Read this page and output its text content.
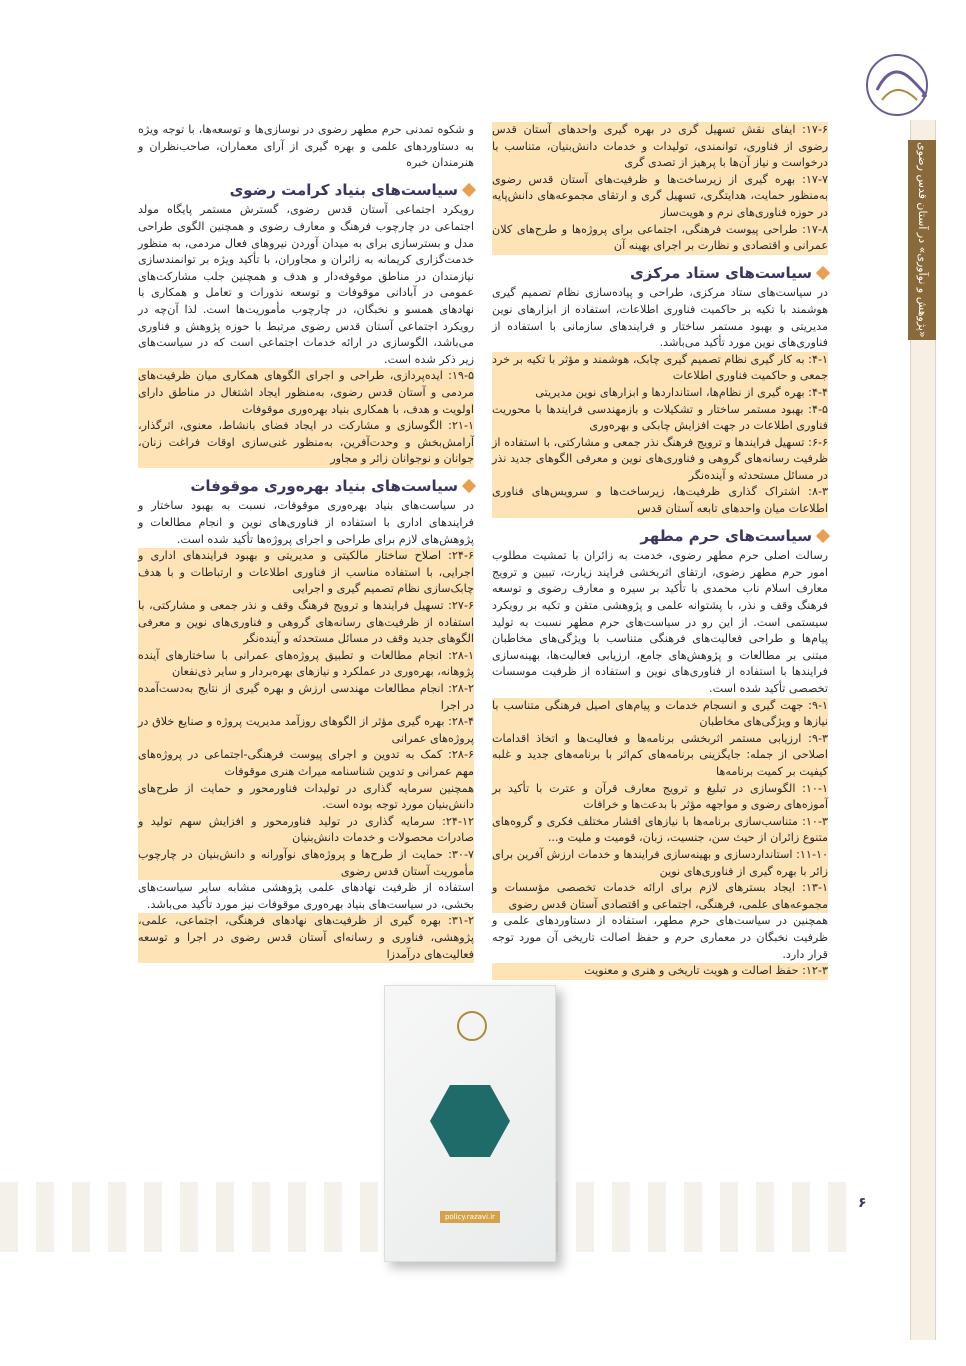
«پژوهش و نوآوری» در آستان قدس رضوی
۶

۱۷-۶: ایفای نقش تسهیل گری در بهره گیری واحدهای آستان قدس رضوی از فناوری، توانمندی، تولیدات و خدمات دانش‌بنیان، متناسب با درخواست و نیاز آن‌ها با پرهیز از تصدی گری

۱۷-۷: بهره گیری از زیرساخت‌ها و ظرفیت‌های آستان قدس رضوی به‌منظور حمایت، هدایتگری، تسهیل گری و ارتقای مجموعه‌های دانش‌پایه در حوزه فناوری‌های نرم و هویت‌ساز

۱۷-۸: طراحی پیوست فرهنگی، اجتماعی برای پروژه‌ها و طرح‌های کلان عمرانی و اقتصادی و نظارت بر اجرای بهینه آن

سیاست‌های ستاد مرکزی

در سیاست‌های ستاد مرکزی، طراحی و پیاده‌سازی نظام تصمیم گیری هوشمند با تکیه بر حاکمیت فناوری اطلاعات، استفاده از ابزارهای نوین مدیریتی و بهبود مستمر ساختار و فرایندهای سازمانی با استفاده از فناوری‌های نوین مورد تأکید می‌باشد.

۴-۱: به کار گیری نظام تصمیم گیری چابک، هوشمند و مؤثر با تکیه بر خرد جمعی و حاکمیت فناوری اطلاعات

۴-۴: بهره گیری از نظام‌ها، استانداردها و ابزارهای نوین مدیریتی

۴-۵: بهبود مستمر ساختار و تشکیلات و بازمهندسی فرایندها با محوریت فناوری اطلاعات در جهت افزایش چابکی و بهره‌وری

۶-۶: تسهیل فرایندها و ترویج فرهنگ نذر جمعی و مشارکتی، با استفاده از ظرفیت رسانه‌های گروهی و فناوری‌های نوین و معرفی الگوهای جدید نذر در مسائل مستحدثه و آینده‌نگر

۸-۳: اشتراک گذاری ظرفیت‌ها، زیرساخت‌ها و سرویس‌های فناوری اطلاعات میان واحدهای تابعه آستان قدس

سیاست‌های حرم مطهر

رسالت اصلی حرم مطهر رضوی، خدمت به زائران با تمشیت مطلوب امور حرم مطهر رضوی، ارتقای اثربخشی فرایند زیارت، تبیین و ترویج معارف اسلام ناب محمدی با تأکید بر سیره و معارف رضوی و توسعه فرهنگ وقف و نذر، با پشتوانه علمی و پژوهشی متقن و تکیه بر رویکرد سیستمی است. از این رو در سیاست‌های حرم مطهر نسبت به تولید پیام‌ها و طراحی فعالیت‌های فرهنگی متناسب با ویژگی‌های مخاطبان مبتنی بر مطالعات و پژوهش‌های جامع، ارزیابی فعالیت‌ها، بهینه‌سازی فرایندها با استفاده از فناوری‌های نوین و استفاده از ظرفیت موسسات تخصصی تأکید شده است.

۹-۱: جهت گیری و انسجام خدمات و پیام‌های اصیل فرهنگی متناسب با نیازها و ویژگی‌های مخاطبان

۹-۳: ارزیابی مستمر اثربخشی برنامه‌ها و فعالیت‌ها و اتخاذ اقدامات اصلاحی از جمله: جایگزینی برنامه‌های کم‌اثر با برنامه‌های جدید و غلبه کیفیت بر کمیت برنامه‌ها

۱۰-۱: الگوسازی در تبلیغ و ترویج معارف قرآن و عترت با تأکید بر آموزه‌های رضوی و مواجهه مؤثر با بدعت‌ها و خرافات

۱۰-۳: متناسب‌سازی برنامه‌ها با نیازهای اقشار مختلف فکری و گروه‌های متنوع زائران از حیث سن، جنسیت، زبان، قومیت و ملیت و...

۱۱-۱۰: استانداردسازی و بهینه‌سازی فرایندها و خدمات ارزش آفرین برای زائر با بهره گیری از فناوری‌های نوین

۱۳-۱: ایجاد بسترهای لازم برای ارائه خدمات تخصصی مؤسسات و مجموعه‌های علمی، فرهنگی، اجتماعی و اقتصادی آستان قدس رضوی

همچنین در سیاست‌های حرم مطهر، استفاده از دستاوردهای علمی و ظرفیت نخبگان در معماری حرم و حفظ اصالت تاریخی آن مورد توجه قرار دارد.

۱۲-۳: حفظ اصالت و هویت تاریخی و هنری و معنویت

و شکوه تمدنی حرم مطهر رضوی در نوسازی‌ها و توسعه‌ها، با توجه ویژه به دستاوردهای علمی و بهره گیری از آرای معماران، صاحب‌نظران و هنرمندان خبره

سیاست‌های بنیاد کرامت رضوی

رویکرد اجتماعی آستان قدس رضوی، گسترش مستمر پایگاه مولد اجتماعی در چارچوب فرهنگ و معارف رضوی و همچنین الگوی طراحی مدل و بسترسازی برای به میدان آوردن نیروهای فعال مردمی، به منظور خدمت‌گزاری کریمانه به زائران و مجاوران، با تأکید ویژه بر توانمندسازی نیازمندان در مناطق موقوفه‌دار و هدف و همچنین جلب مشارکت‌های عمومی در آبادانی موقوفات و توسعه نذورات و تعامل و همکاری با نهادهای همسو و نخبگان، در چارچوب مأموریت‌ها است. لذا آن‌چه در رویکرد اجتماعی آستان قدس رضوی مرتبط با حوزه پژوهش و فناوری می‌باشد، الگوسازی در ارائه خدمات اجتماعی است که در سیاست‌های زیر ذکر شده است.

۱۹-۵: ایده‌پردازی، طراحی و اجرای الگوهای همکاری میان ظرفیت‌های مردمی و آستان قدس رضوی، به‌منظور ایجاد اشتغال در مناطق دارای اولویت و هدف، با همکاری بنیاد بهره‌وری موقوفات

۲۱-۱: الگوسازی و مشارکت در ایجاد فضای بانشاط، معنوی، اثرگذار، آرامش‌بخش و وحدت‌آفرین، به‌منظور غنی‌سازی اوقات فراغت زنان، جوانان و نوجوانان زائر و مجاور

سیاست‌های بنیاد بهره‌وری موقوفات

در سیاست‌های بنیاد بهره‌وری موقوفات، نسبت به بهبود ساختار و فرایندهای اداری با استفاده از فناوری‌های نوین و انجام مطالعات و پژوهش‌های لازم برای طراحی و اجرای پروژه‌ها تأکید شده است.

۲۴-۶: اصلاح ساختار مالکیتی و مدیریتی و بهبود فرایندهای اداری و اجرایی، با استفاده مناسب از فناوری اطلاعات و ارتباطات و با هدف چابک‌سازی نظام تصمیم گیری و اجرایی

۲۷-۶: تسهیل فرایندها و ترویج فرهنگ وقف و نذر جمعی و مشارکتی، با استفاده از ظرفیت‌های رسانه‌های گروهی و فناوری‌های نوین و معرفی الگوهای جدید وقف در مسائل مستحدثه و آینده‌نگر

۲۸-۱: انجام مطالعات و تطبیق پروژه‌های عمرانی با ساختارهای آینده پژوهانه، بهره‌وری در عملکرد و نیازهای بهره‌بردار و سایر ذی‌نفعان

۲۸-۲: انجام مطالعات مهندسی ارزش و بهره گیری از نتایج به‌دست‌آمده در اجرا

۲۸-۴: بهره گیری مؤثر از الگوهای روزآمد مدیریت پروژه و صنایع خلاق در پروژه‌های عمرانی

۲۸-۶: کمک به تدوین و اجرای پیوست فرهنگی-اجتماعی در پروژه‌های مهم عمرانی و تدوین شناسنامه میراث هنری موقوفات

همچنین سرمایه گذاری در تولیدات فناورمحور و حمایت از طرح‌های دانش‌بنیان مورد توجه بوده است.

۲۴-۱۲: سرمایه گذاری در تولید فناورمحور و افزایش سهم تولید و صادرات محصولات و خدمات دانش‌بنیان

۳۰-۷: حمایت از طرح‌ها و پروژه‌های نوآورانه و دانش‌بنیان در چارچوب مأموریت آستان قدس رضوی

استفاده از ظرفیت نهادهای علمی پژوهشی مشابه سایر سیاست‌های بخشی، در سیاست‌های بنیاد بهره‌وری موقوفات نیز مورد تأکید می‌باشد.

۳۱-۲: بهره گیری از ظرفیت‌های نهادهای فرهنگی، اجتماعی، علمی، پژوهشی، فناوری و رسانه‌ای آستان قدس رضوی در اجرا و توسعه فعالیت‌های درآمدزا

policy.razavi.ir
